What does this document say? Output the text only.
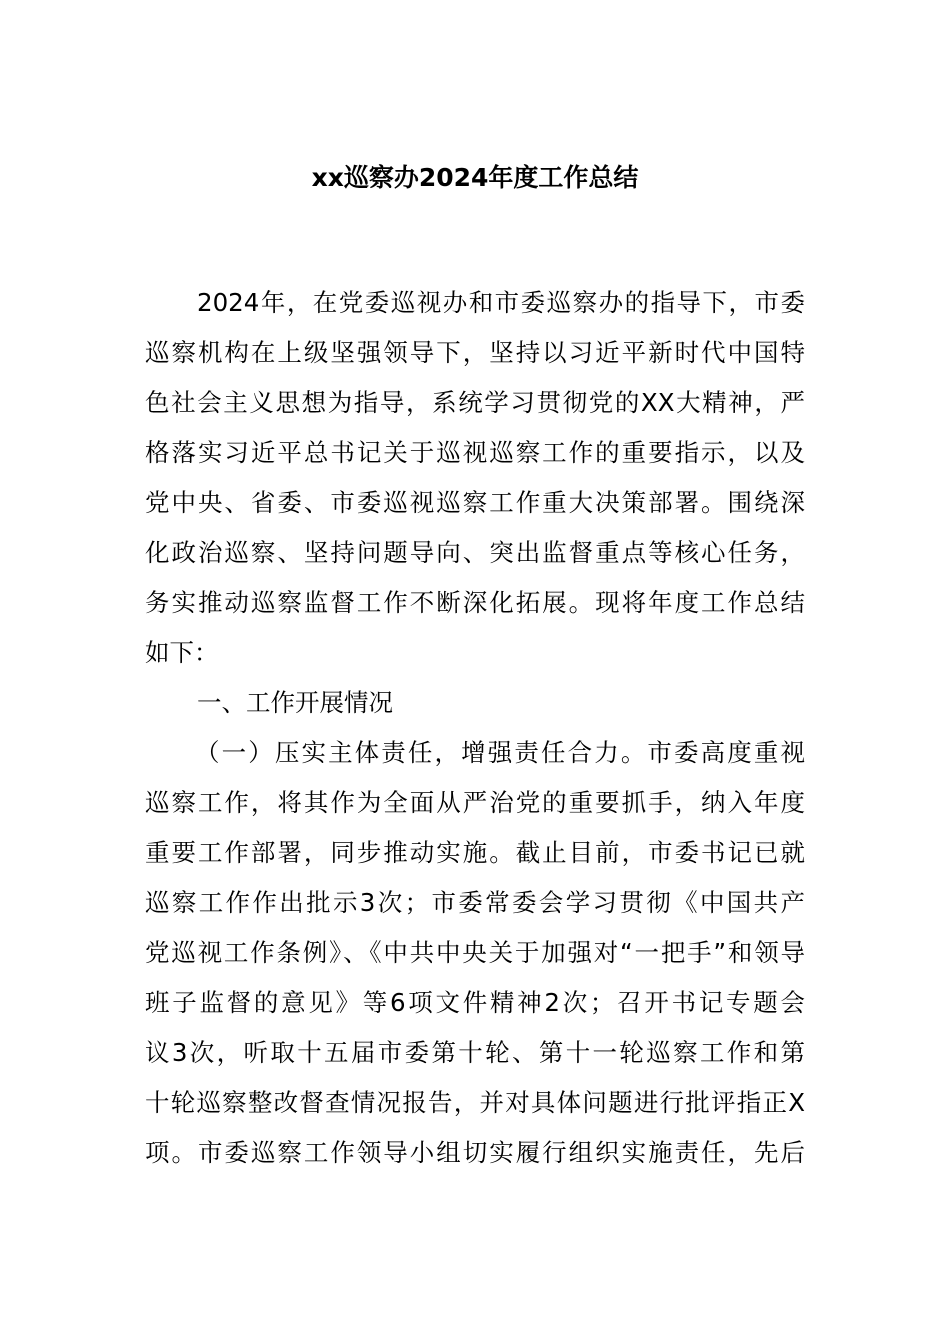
xx巡察办2024年度工作总结
2024年，在党委巡视办和市委巡察办的指导下，市委
巡察机构在上级坚强领导下，坚持以习近平新时代中国特
色社会主义思想为指导，系统学习贯彻党的XX大精神，严
格落实习近平总书记关于巡视巡察工作的重要指示，以及
党中央、省委、市委巡视巡察工作重大决策部署。围绕深
化政治巡察、坚持问题导向、突出监督重点等核心任务，
务实推动巡察监督工作不断深化拓展。现将年度工作总结
如下：
一、工作开展情况
（一）压实主体责任，增强责任合力。市委高度重视
巡察工作，将其作为全面从严治党的重要抓手，纳入年度
重要工作部署，同步推动实施。截止目前，市委书记已就
巡察工作作出批示3次；市委常委会学习贯彻《中国共产
党巡视工作条例》、《中共中央关于加强对“一把手”和领导
班子监督的意见》等6项文件精神2次；召开书记专题会
议3次，听取十五届市委第十轮、第十一轮巡察工作和第
十轮巡察整改督查情况报告，并对具体问题进行批评指正X
项。市委巡察工作领导小组切实履行组织实施责任，先后
